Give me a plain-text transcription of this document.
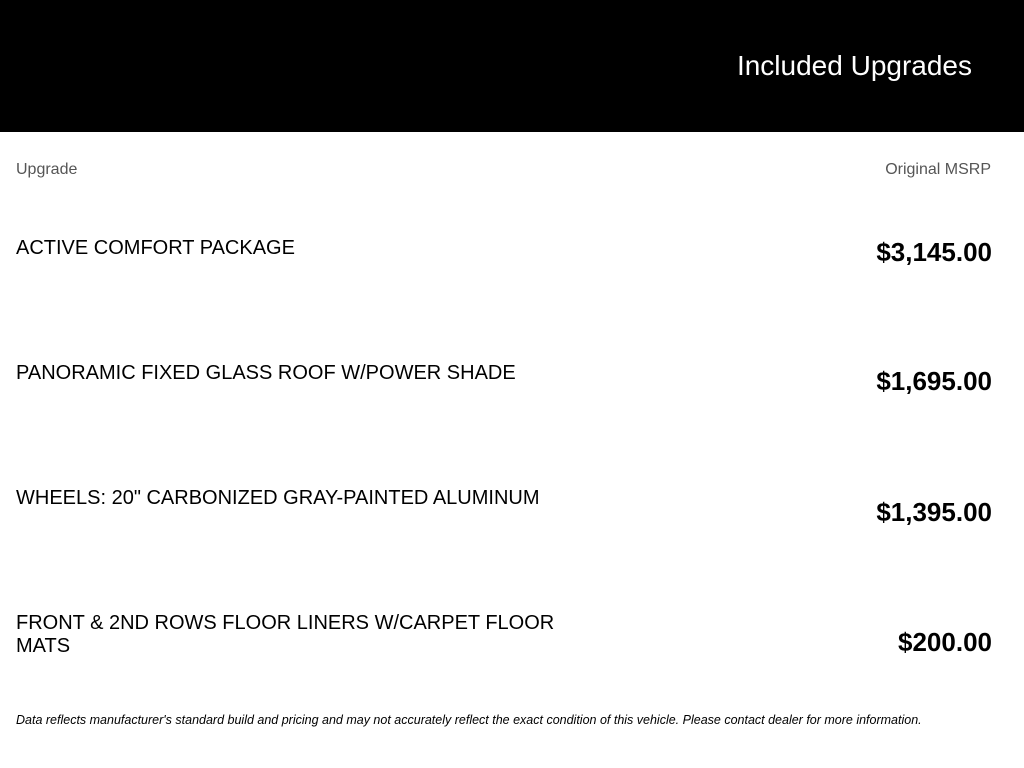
Included Upgrades
Upgrade	Original MSRP
ACTIVE COMFORT PACKAGE	$3,145.00
PANORAMIC FIXED GLASS ROOF W/POWER SHADE	$1,695.00
WHEELS: 20" CARBONIZED GRAY-PAINTED ALUMINUM	$1,395.00
FRONT & 2ND ROWS FLOOR LINERS W/CARPET FLOOR MATS	$200.00
Data reflects manufacturer's standard build and pricing and may not accurately reflect the exact condition of this vehicle. Please contact dealer for more information.
